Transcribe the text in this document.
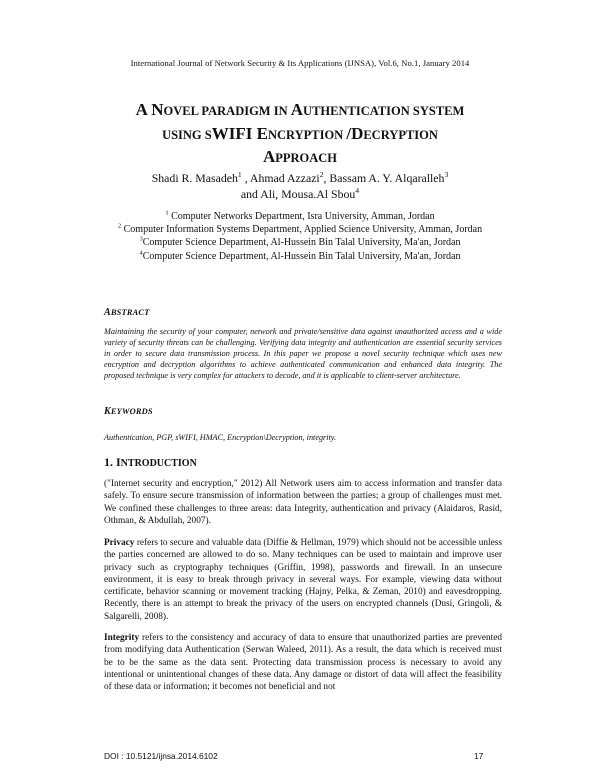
International Journal of Network Security & Its Applications (IJNSA), Vol.6, No.1, January 2014
A NOVEL PARADIGM IN AUTHENTICATION SYSTEM
USING SWIFI ENCRYPTION /DECRYPTION
APPROACH
Shadi R. Masadeh$^1$ , Ahmad Azzazi$^2$, Bassam A. Y. Alqaralleh$^3$
and Ali, Mousa.Al Sbou$^4$
$^1$ Computer Networks Department, Isra University, Amman, Jordan
$^2$ Computer Information Systems Department, Applied Science University, Amman, Jordan
$^3$Computer Science Department, Al-Hussein Bin Talal University, Ma'an, Jordan
$^4$Computer Science Department, Al-Hussein Bin Talal University, Ma'an, Jordan
ABSTRACT
Maintaining the security of your computer, network and private/sensitive data against unauthorized access and a wide variety of security threats can be challenging. Verifying data integrity and authentication are essential security services in order to secure data transmission process. In this paper we propose a novel security technique which uses new encryption and decryption algorithms to achieve authenticated communication and enhanced data integrity. The proposed technique is very complex for attackers to decode, and it is applicable to client-server architecture.
KEYWORDS
Authentication, PGP, sWIFI, HMAC, Encryption\Decryption, integrity.
1. INTRODUCTION
("Internet security and encryption," 2012) All Network users aim to access information and transfer data safely. To ensure secure transmission of information between the parties; a group of challenges must met. We confined these challenges to three areas: data Integrity, authentication and privacy (Alaidaros, Rasid, Othman, & Abdullah, 2007).
Privacy refers to secure and valuable data (Diffie & Hellman, 1979) which should not be accessible unless the parties concerned are allowed to do so. Many techniques can be used to maintain and improve user privacy such as cryptography techniques (Griffin, 1998), passwords and firewall. In an unsecure environment, it is easy to break through privacy in several ways. For example, viewing data without certificate, behavior scanning or movement tracking (Hajny, Pelka, & Zeman, 2010) and eavesdropping. Recently, there is an attempt to break the privacy of the users on encrypted channels (Dusi, Gringoli, & Salgarelli, 2008).
Integrity refers to the consistency and accuracy of data to ensure that unauthorized parties are prevented from modifying data Authentication (Serwan Waleed, 2011). As a result, the data which is received must be to be the same as the data sent. Protecting data transmission process is necessary to avoid any intentional or unintentional changes of these data. Any damage or distort of data will affect the feasibility of these data or information; it becomes not beneficial and not
DOI : 10.5121/ijnsa.2014.6102	17
